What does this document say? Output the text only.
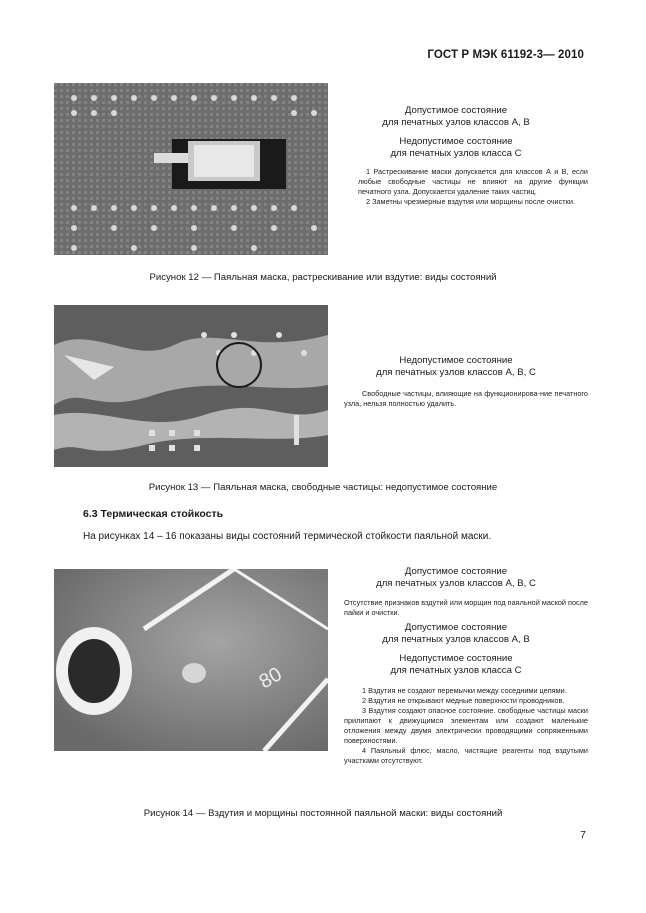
ГОСТ Р МЭК 61192-3— 2010
Допустимое состояние
для печатных узлов классов А, В
Недопустимое состояние
для печатных узлов класса С

1 Растрескивание маски допускается для классов А и В, если любые свободные частицы не влияют на другие функции печатного узла. Допускается удаление таких частиц.

2 Заметны чрезмерные вздутия или морщины после очистки.

Рисунок 12 — Паяльная маска, растрескивание или вздутие: виды состояний
Недопустимое состояние
для печатных узлов классов А, В, С

Свободные частицы, влияющие на функционирова-ние печатного узла, нельзя полностью удалить.

Рисунок 13 — Паяльная маска, свободные частицы: недопустимое состояние
6.3 Термическая стойкость
На рисунках 14 – 16 показаны виды состояний термической стойкости паяльной маски.
80
Допустимое состояние
для печатных узлов классов А, В, С

Отсутствие признаков вздутий или морщин под паяльной маской после пайки и очистки.

Допустимое состояние
для печатных узлов классов А, В
Недопустимое состояние
для печатных узлов класса С

1 Вздутия не создают перемычки между соседними цепями.

2 Вздутия не открывают медные поверхности проводников.

3 Вздутия создают опасное состояние. свободные частицы маски прилипают к движущимся элементам или создают маленькие отложения между двумя электрически проводящими сопряженными поверхностями.

4 Паяльный флюс, масло, чистящие реагенты под вздутыми участками отсутствуют.

Рисунок 14 — Вздутия и морщины постоянной паяльной маски: виды состояний
7
